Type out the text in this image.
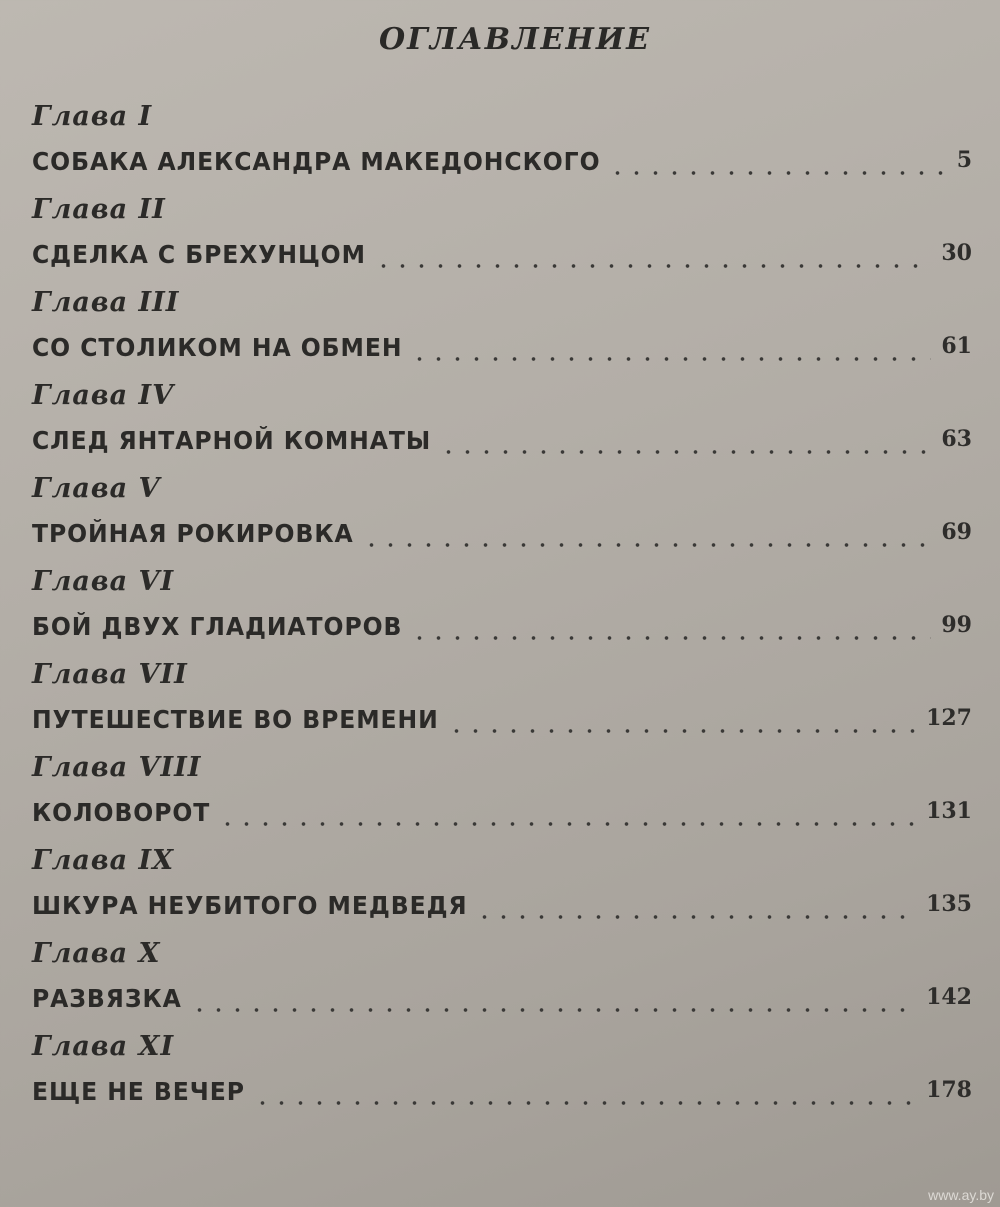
ОГЛАВЛЕНИЕ
Глава I
СОБАКА АЛЕКСАНДРА МАКЕДОНСКОГО	5
Глава II
СДЕЛКА С БРЕХУНЦОМ	30
Глава III
СО СТОЛИКОМ НА ОБМЕН	61
Глава IV
СЛЕД ЯНТАРНОЙ КОМНАТЫ	63
Глава V
ТРОЙНАЯ РОКИРОВКА	69
Глава VI
БОЙ ДВУХ ГЛАДИАТОРОВ	99
Глава VII
ПУТЕШЕСТВИЕ ВО ВРЕМЕНИ	127
Глава VIII
КОЛОВОРОТ	131
Глава IX
ШКУРА НЕУБИТОГО МЕДВЕДЯ	135
Глава X
РАЗВЯЗКА	142
Глава XI
ЕЩЕ НЕ ВЕЧЕР	178
www.ay.by
